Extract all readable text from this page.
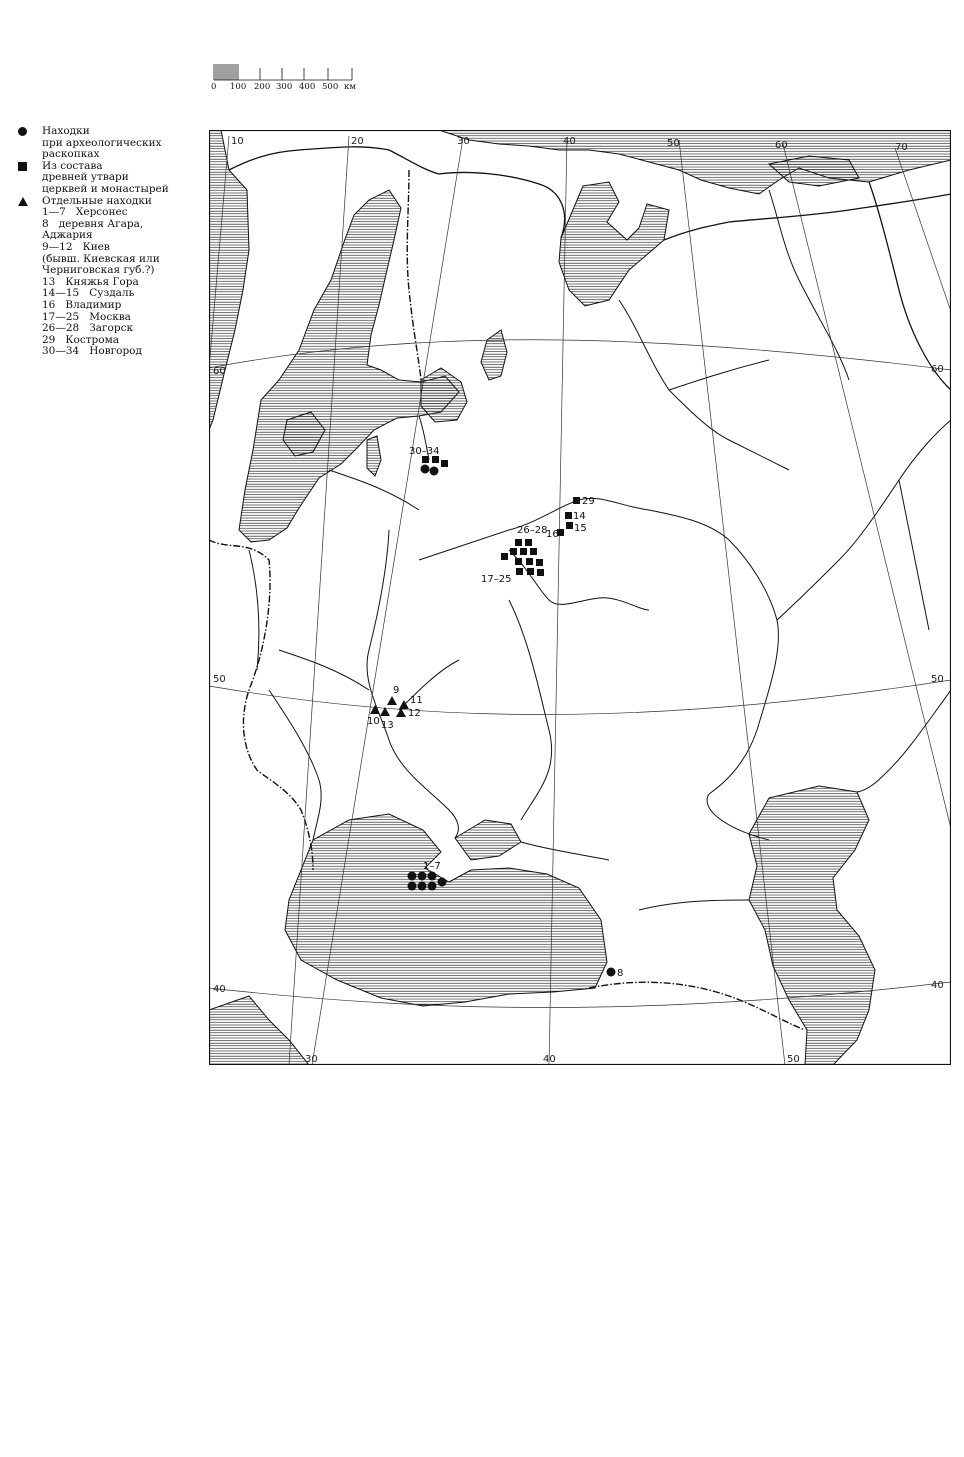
0 100 200 300 400 500 км
Находки
при археологических
раскопках
Из состава
древней утвари
церквей и монастырей
Отдельные находки
1—7 Херсонес
8 деревня Агара,
Аджария
9—12 Киев
(бывш. Киевская или
Черниговская губ.?)
13 Княжья Гора
14—15 Суздаль
16 Владимир
17—25 Москва
26—28 Загорск
29 Кострома
30—34 Новгород
10	20	30	40	50	60	70
30	40	50
60
50
40
60
50
40
30–34
29
14
15
16
26–28
17–25
9
11
12
10 13
1–7
8
